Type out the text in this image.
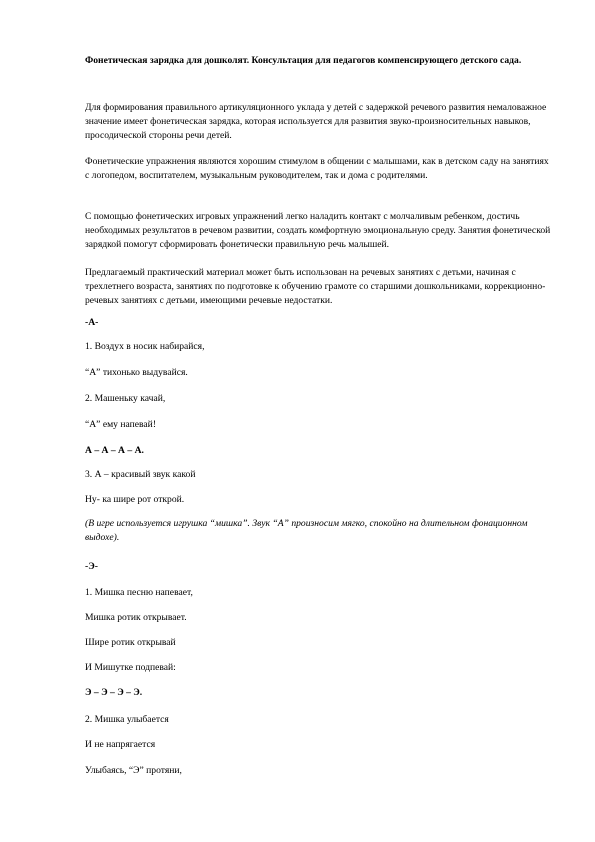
Фонетическая зарядка для дошколят. Консультация для педагогов компенсирующего детского сада.

Для формирования правильного артикуляционного уклада у детей с задержкой речевого развития немаловажное значение имеет фонетическая зарядка, которая используется для развития звуко-произносительных навыков, просодической стороны речи детей.

Фонетические упражнения являются хорошим стимулом в общении с малышами, как в детском саду на занятиях с логопедом, воспитателем, музыкальным руководителем, так и дома с родителями.

С помощью фонетических игровых упражнений легко наладить контакт с молчаливым ребенком, достичь необходимых результатов в речевом развитии, создать комфортную эмоциональную среду. Занятия фонетической зарядкой помогут сформировать фонетически правильную речь малышей.

Предлагаемый практический материал может быть использован на речевых занятиях с детьми, начиная с трехлетнего возраста, занятиях по подготовке к обучению грамоте со старшими дошкольниками, коррекционно-речевых занятиях с детьми, имеющими речевые недостатки.

-А-
1. Воздух в носик набирайся,
“А” тихонько выдувайся.
2. Машеньку качай,
“А” ему напевай!
А – А – А – А.
3. А – красивый звук какой
Ну- ка шире рот открой.

(В игре используется игрушка “мишка”. Звук “А” произносим мягко, спокойно на длительном фонационном выдохе).

-Э-
1. Мишка песню напевает,
Мишка ротик открывает.
Шире ротик открывай
И Мишутке подпевай:
Э – Э – Э – Э.
2. Мишка улыбается
И не напрягается
Улыбаясь, “Э” протяни,
